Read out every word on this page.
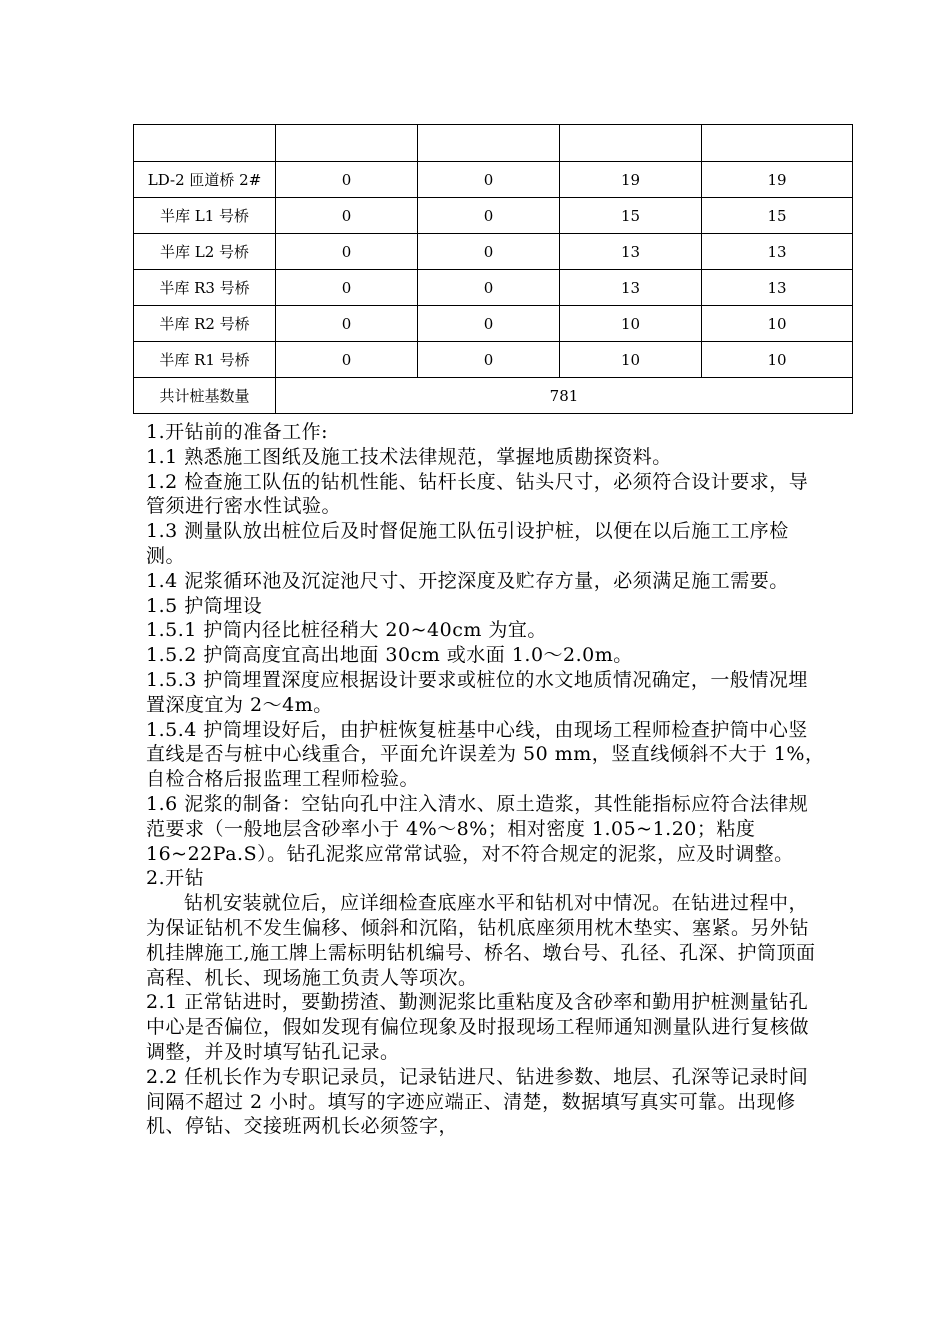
LD-2 匝道桥 2#	0	0	19	19
半库 L1 号桥	0	0	15	15
半库 L2 号桥	0	0	13	13
半库 R3 号桥	0	0	13	13
半库 R2 号桥	0	0	10	10
半库 R1 号桥	0	0	10	10
共计桩基数量	781			

1.开钻前的准备工作:

1.1 熟悉施工图纸及施工技术法律规范，掌握地质勘探资料。

1.2 检查施工队伍的钻机性能、钻杆长度、钻头尺寸，必须符合设计要求，导管须进行密水性试验。

1.3 测量队放出桩位后及时督促施工队伍引设护桩，以便在以后施工工序检测。

1.4 泥浆循环池及沉淀池尺寸、开挖深度及贮存方量，必须满足施工需要。

1.5 护筒埋设

1.5.1 护筒内径比桩径稍大 20~40cm 为宜。

1.5.2 护筒高度宜高出地面 30cm 或水面 1.0～2.0m。

1.5.3 护筒埋置深度应根据设计要求或桩位的水文地质情况确定，一般情况埋置深度宜为 2～4m。

1.5.4 护筒埋设好后，由护桩恢复桩基中心线，由现场工程师检查护筒中心竖直线是否与桩中心线重合，平面允许误差为 50 mm，竖直线倾斜不大于 1%，自检合格后报监理工程师检验。

1.6 泥浆的制备：空钻向孔中注入清水、原土造浆，其性能指标应符合法律规范要求（一般地层含砂率小于 4%～8%；相对密度 1.05~1.20；粘度 16~22Pa.S）。钻孔泥浆应常常试验，对不符合规定的泥浆，应及时调整。

2.开钻

钻机安装就位后，应详细检查底座水平和钻机对中情况。在钻进过程中，为保证钻机不发生偏移、倾斜和沉陷，钻机底座须用枕木垫实、塞紧。另外钻机挂牌施工,施工牌上需标明钻机编号、桥名、墩台号、孔径、孔深、护筒顶面高程、机长、现场施工负责人等项次。

2.1 正常钻进时，要勤捞渣、勤测泥浆比重粘度及含砂率和勤用护桩测量钻孔中心是否偏位，假如发现有偏位现象及时报现场工程师通知测量队进行复核做调整，并及时填写钻孔记录。

2.2 任机长作为专职记录员，记录钻进尺、钻进参数、地层、孔深等记录时间间隔不超过 2 小时。填写的字迹应端正、清楚，数据填写真实可靠。出现修机、停钻、交接班两机长必须签字，
